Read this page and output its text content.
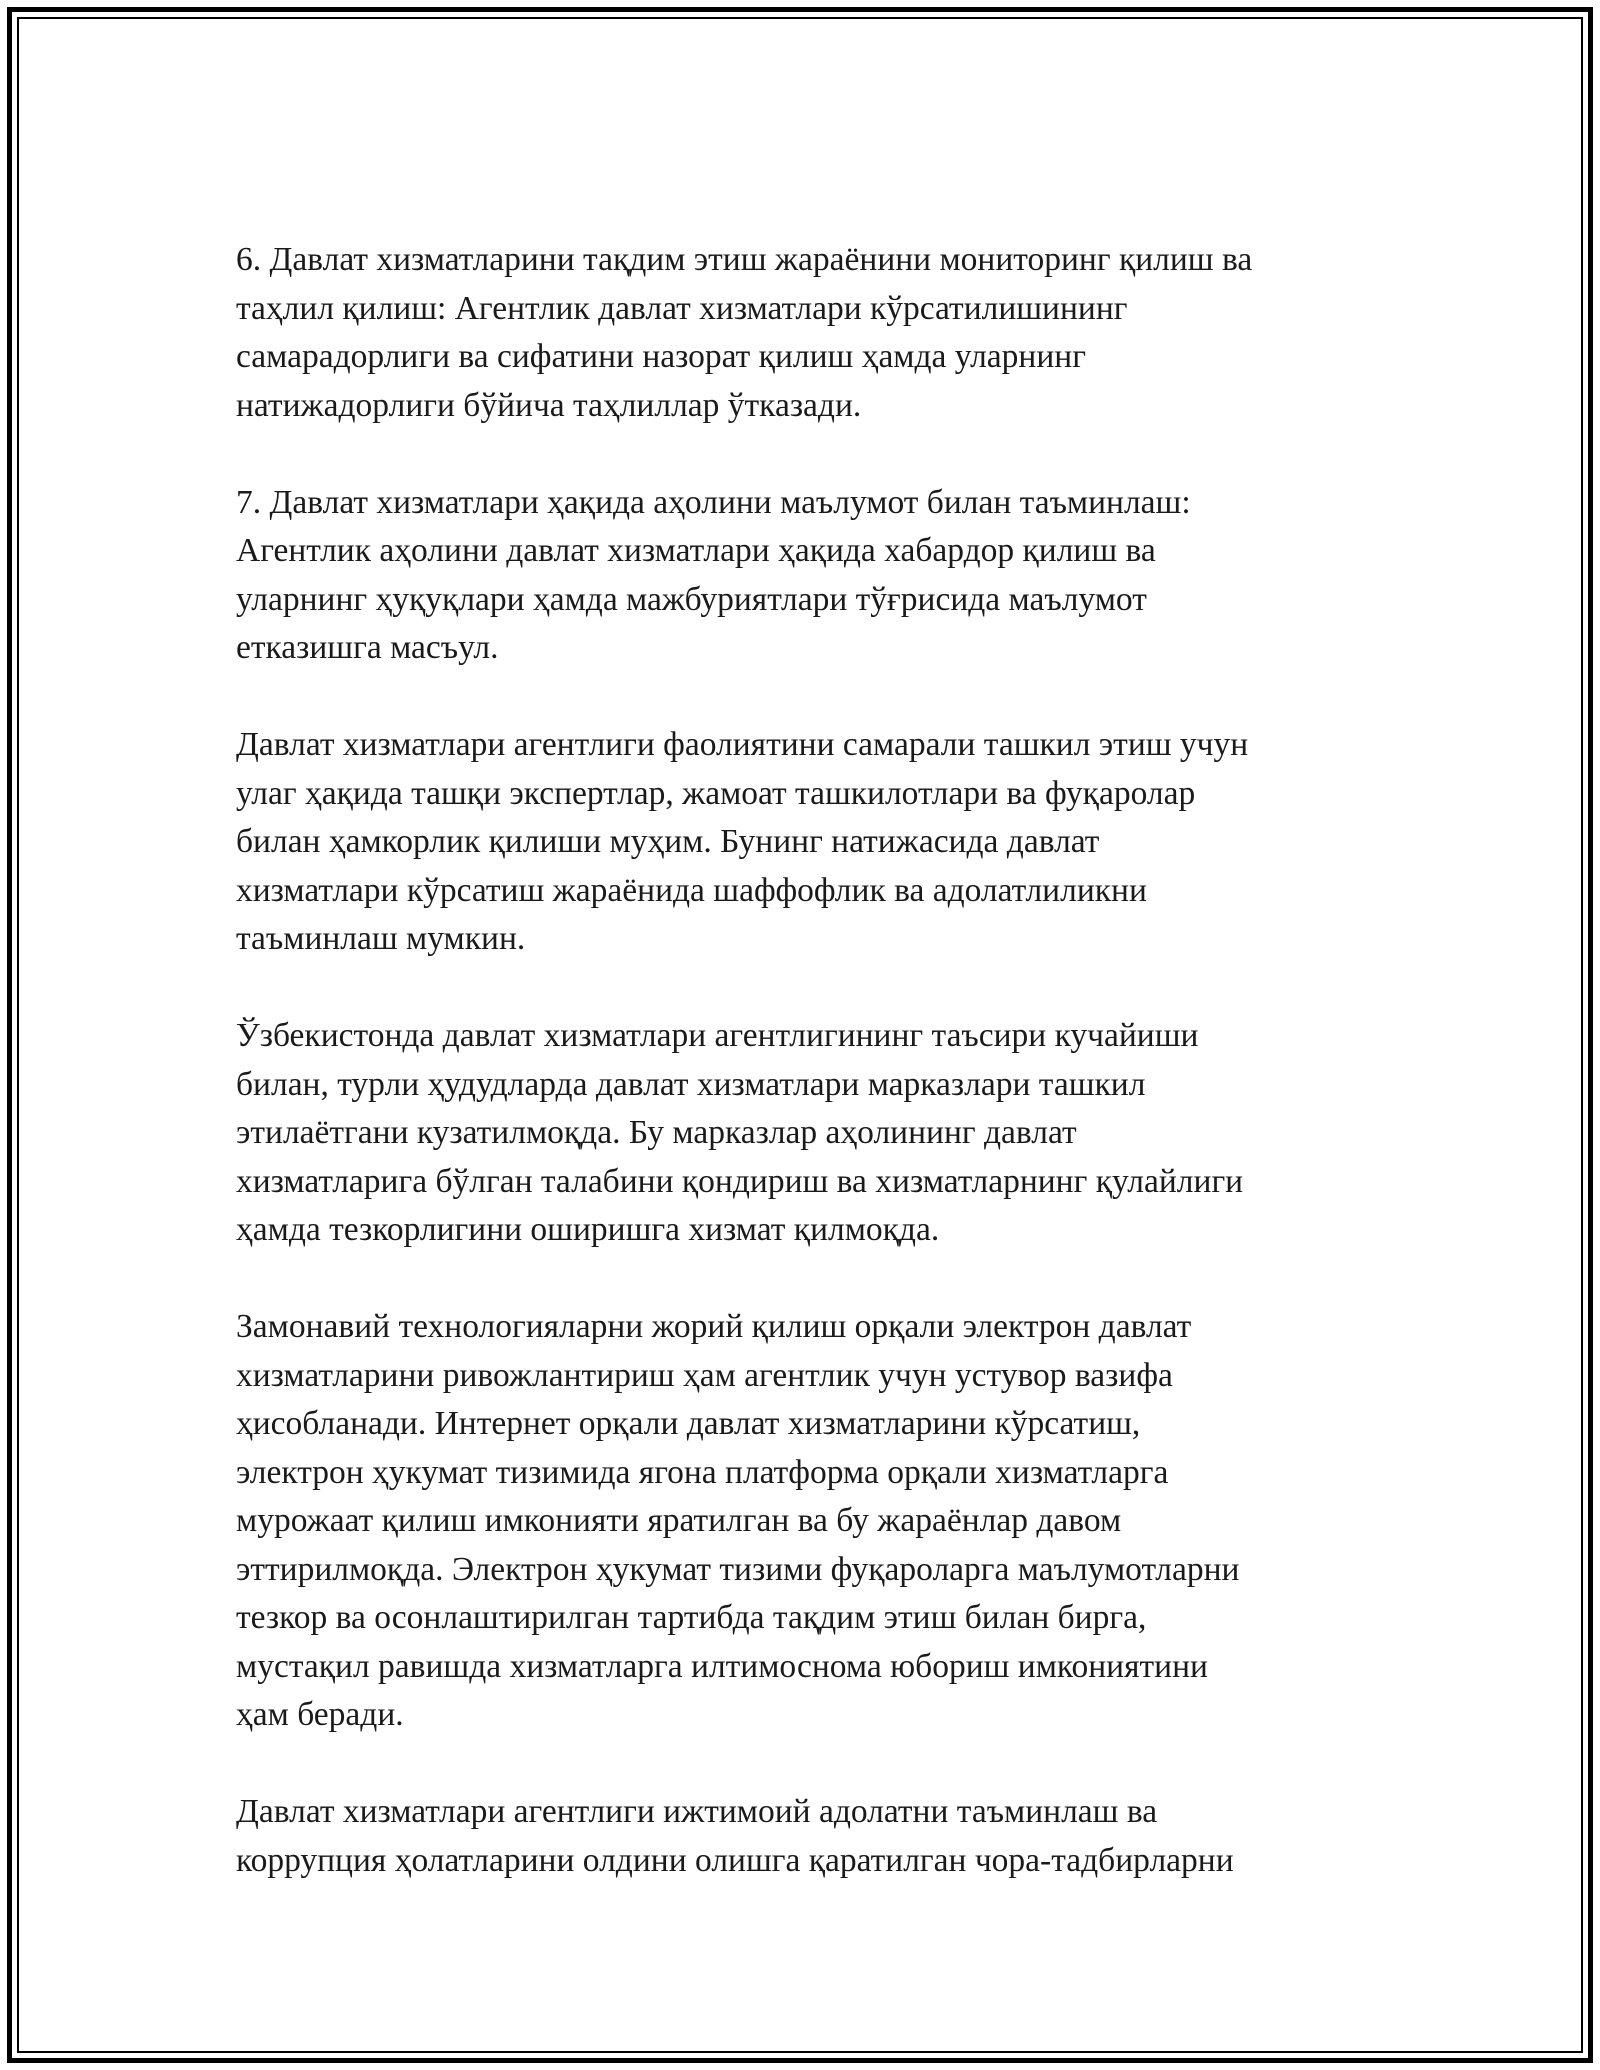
6. Давлат хизматларини тақдим этиш жараёнини мониторинг қилиш ва
таҳлил қилиш: Агентлик давлат хизматлари кўрсатилишининг
самарадорлиги ва сифатини назорат қилиш ҳамда уларнинг
натижадорлиги бўйича таҳлиллар ўтказади.

7. Давлат хизматлари ҳақида аҳолини маълумот билан таъминлаш:
Агентлик аҳолини давлат хизматлари ҳақида хабардор қилиш ва
уларнинг ҳуқуқлари ҳамда мажбуриятлари тўғрисида маълумот
етказишга масъул.

Давлат хизматлари агентлиги фаолиятини самарали ташкил этиш учун
улаг ҳақида ташқи экспертлар, жамоат ташкилотлари ва фуқаролар
билан ҳамкорлик қилиши муҳим. Бунинг натижасида давлат
хизматлари кўрсатиш жараёнида шаффофлик ва адолатлиликни
таъминлаш мумкин.

Ўзбекистонда давлат хизматлари агентлигининг таъсири кучайиши
билан, турли ҳудудларда давлат хизматлари марказлари ташкил
этилаётгани кузатилмоқда. Бу марказлар аҳолининг давлат
хизматларига бўлган талабини қондириш ва хизматларнинг қулайлиги
ҳамда тезкорлигини оширишга хизмат қилмоқда.

Замонавий технологияларни жорий қилиш орқали электрон давлат
хизматларини ривожлантириш ҳам агентлик учун устувор вазифа
ҳисобланади. Интернет орқали давлат хизматларини кўрсатиш,
электрон ҳукумат тизимида ягона платформа орқали хизматларга
мурожаат қилиш имконияти яратилган ва бу жараёнлар давом
эттирилмоқда. Электрон ҳукумат тизими фуқароларга маълумотларни
тезкор ва осонлаштирилган тартибда тақдим этиш билан бирга,
мустақил равишда хизматларга илтимоснома юбориш имкониятини
ҳам беради.

Давлат хизматлари агентлиги ижтимоий адолатни таъминлаш ва
коррупция ҳолатларини олдини олишга қаратилган чора-тадбирларни
